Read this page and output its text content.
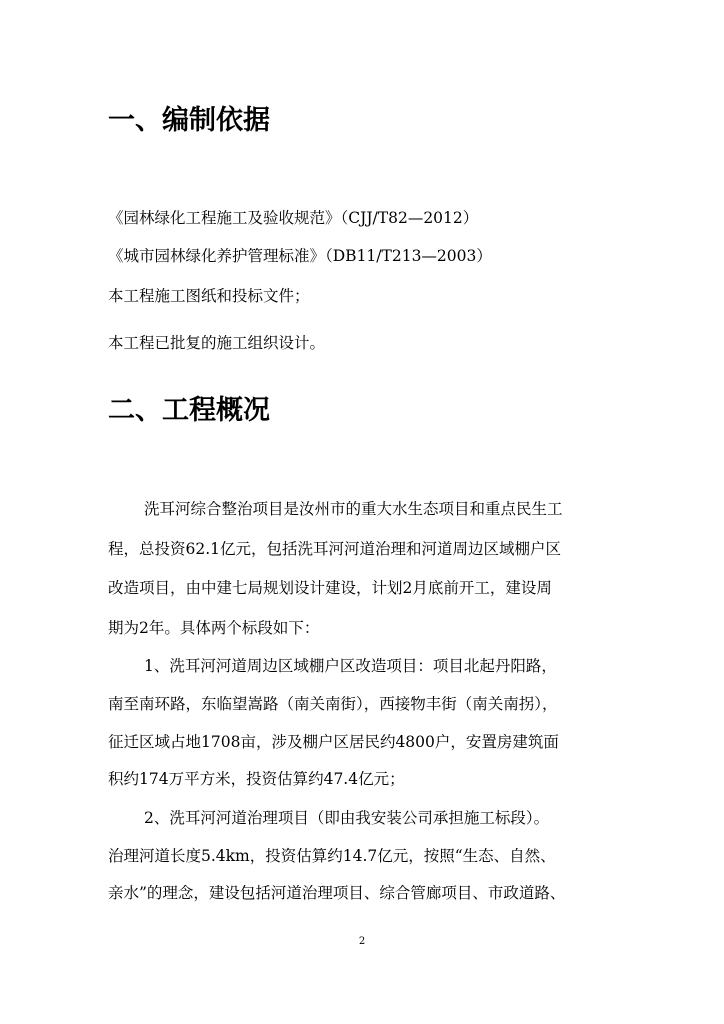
一、编制依据

《园林绿化工程施工及验收规范》（CJJ/T82—2012）

《城市园林绿化养护管理标准》（DB11/T213—2003）

本工程施工图纸和投标文件；

本工程已批复的施工组织设计。

二、工程概况

洗耳河综合整治项目是汝州市的重大水生态项目和重点民生工

程，总投资62.1亿元，包括洗耳河河道治理和河道周边区域棚户区

改造项目，由中建七局规划设计建设，计划2月底前开工，建设周

期为2年。具体两个标段如下：

1、洗耳河河道周边区域棚户区改造项目：项目北起丹阳路，

南至南环路，东临望嵩路（南关南街），西接物丰街（南关南拐），

征迁区域占地1708亩，涉及棚户区居民约4800户，安置房建筑面

积约174万平方米，投资估算约47.4亿元；

2、洗耳河河道治理项目（即由我安装公司承担施工标段）。

治理河道长度5.4km，投资估算约14.7亿元，按照“生态、自然、

亲水”的理念，建设包括河道治理项目、综合管廊项目、市政道路、

2
